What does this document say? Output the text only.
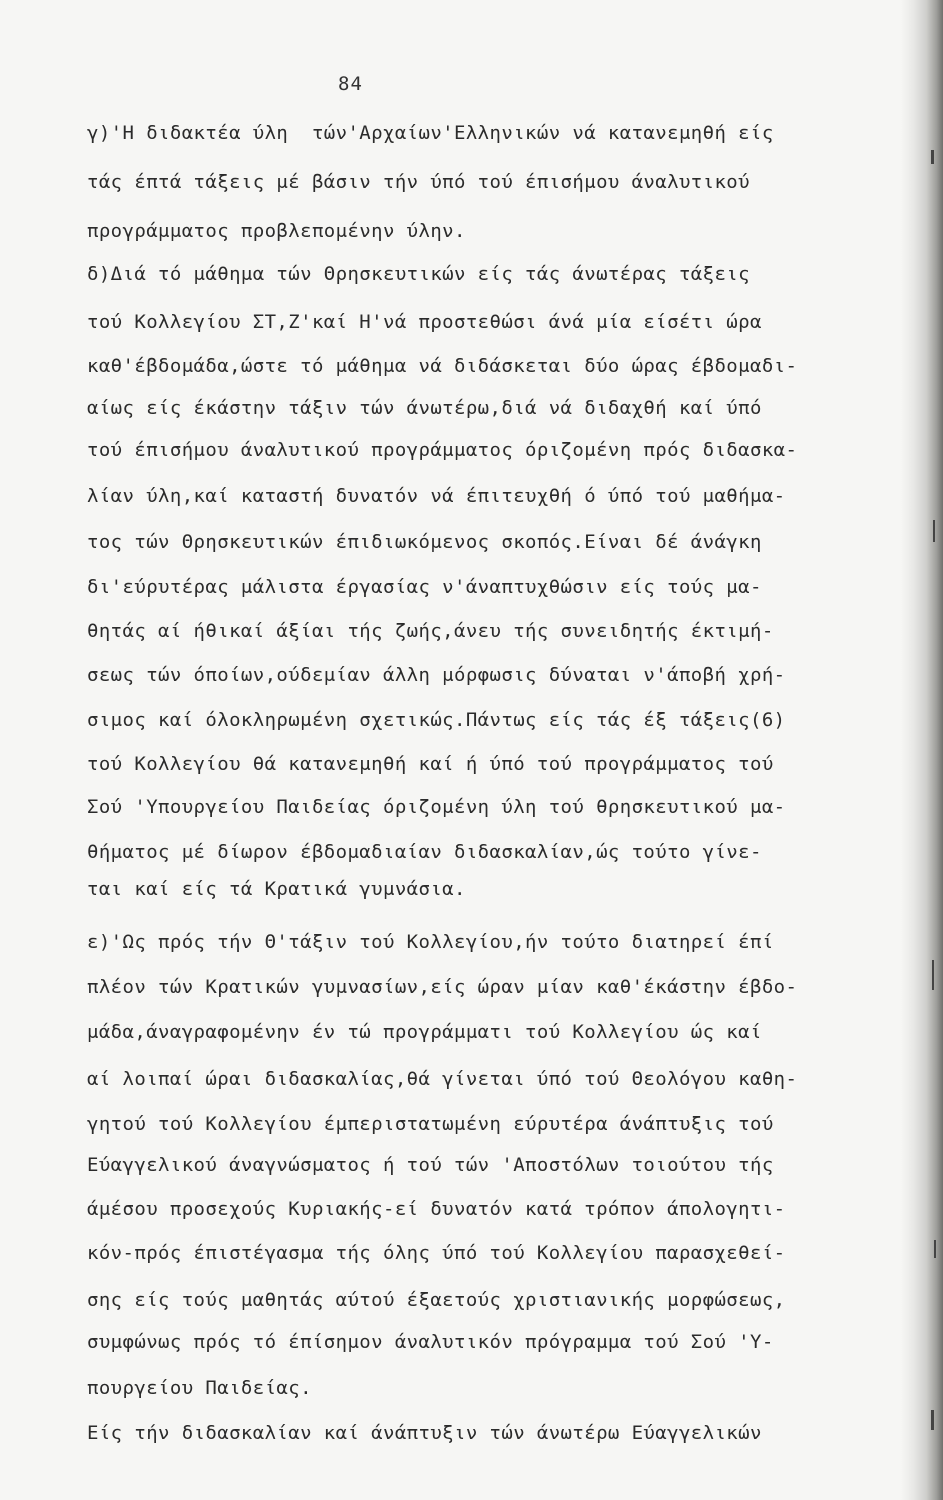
84
γ)'Η διδακτέα ύλη  τών'Αρχαίων'Ελληνικών νά κατανεμηθή είς
τάς έπτά τάξεις μέ βάσιν τήν ύπό τού έπισήμου άναλυτικού
προγράμματος προβλεπομένην ύλην.
δ)Διά τό μάθημα τών Θρησκευτικών είς τάς άνωτέρας τάξεις
τού Κολλεγίου ΣΤ,Ζ'καί Η'νά προστεθώσι άνά μία είσέτι ώρα
καθ'έβδομάδα,ώστε τό μάθημα νά διδάσκεται δύο ώρας έβδομαδι-
αίως είς έκάστην τάξιν τών άνωτέρω,διά νά διδαχθή καί ύπό
τού έπισήμου άναλυτικού προγράμματος όριζομένη πρός διδασκα-
λίαν ύλη,καί καταστή δυνατόν νά έπιτευχθή ό ύπό τού μαθήμα-
τος τών Θρησκευτικών έπιδιωκόμενος σκοπός.Είναι δέ άνάγκη
δι'εύρυτέρας μάλιστα έργασίας ν'άναπτυχθώσιν είς τούς μα-
θητάς αί ήθικαί άξίαι τής ζωής,άνευ τής συνειδητής έκτιμή-
σεως τών όποίων,ούδεμίαν άλλη μόρφωσις δύναται ν'άποβή χρή-
σιμος καί όλοκληρωμένη σχετικώς.Πάντως είς τάς έξ τάξεις(6)
τού Κολλεγίου θά κατανεμηθή καί ή ύπό τού προγράμματος τού
Σού 'Υπουργείου Παιδείας όριζομένη ύλη τού θρησκευτικού μα-
θήματος μέ δίωρον έβδομαδιαίαν διδασκαλίαν,ώς τούτο γίνε-
ται καί είς τά Κρατικά γυμνάσια.
ε)'Ως πρός τήν Θ'τάξιν τού Κολλεγίου,ήν τούτο διατηρεί έπί
πλέον τών Κρατικών γυμνασίων,είς ώραν μίαν καθ'έκάστην έβδο-
μάδα,άναγραφομένην έν τώ προγράμματι τού Κολλεγίου ώς καί
αί λοιπαί ώραι διδασκαλίας,θά γίνεται ύπό τού Θεολόγου καθη-
γητού τού Κολλεγίου έμπεριστατωμένη εύρυτέρα άνάπτυξις τού
Εύαγγελικού άναγνώσματος ή τού τών 'Αποστόλων τοιούτου τής
άμέσου προσεχούς Κυριακής-εί δυνατόν κατά τρόπον άπολογητι-
κόν-πρός έπιστέγασμα τής όλης ύπό τού Κολλεγίου παρασχεθεί-
σης είς τούς μαθητάς αύτού έξαετούς χριστιανικής μορφώσεως,
συμφώνως πρός τό έπίσημον άναλυτικόν πρόγραμμα τού Σού 'Υ-
πουργείου Παιδείας.
Είς τήν διδασκαλίαν καί άνάπτυξιν τών άνωτέρω Εύαγγελικών
